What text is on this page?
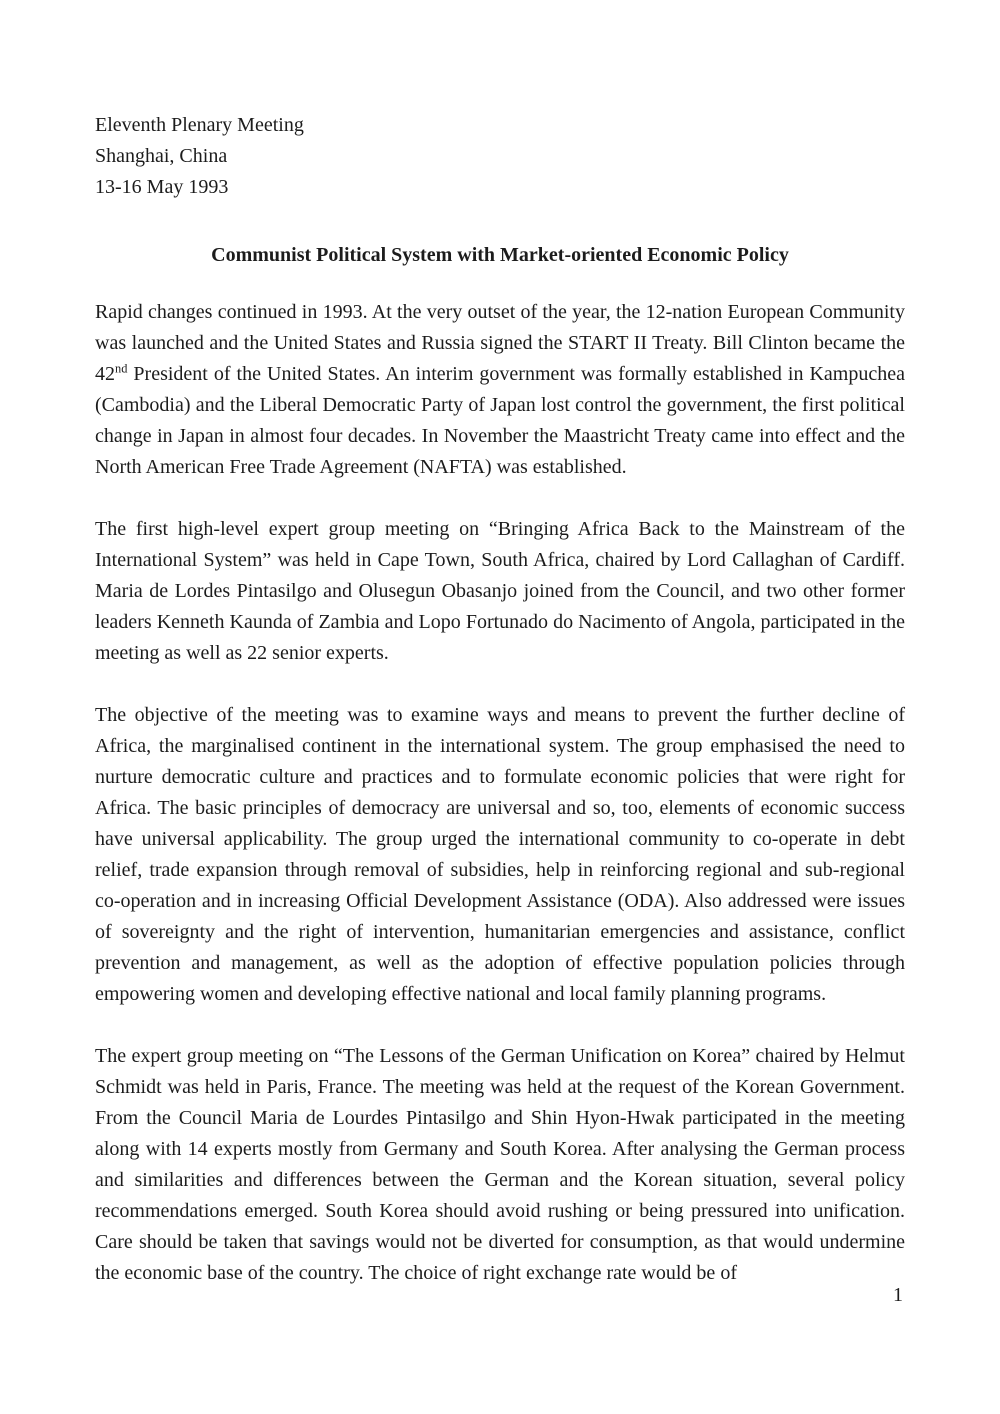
Eleventh Plenary Meeting
Shanghai, China
13-16 May 1993
Communist Political System with Market-oriented Economic Policy

Rapid changes continued in 1993. At the very outset of the year, the 12-nation European Community was launched and the United States and Russia signed the START II Treaty. Bill Clinton became the 42nd President of the United States. An interim government was formally established in Kampuchea (Cambodia) and the Liberal Democratic Party of Japan lost control the government, the first political change in Japan in almost four decades. In November the Maastricht Treaty came into effect and the North American Free Trade Agreement (NAFTA) was established.

The first high-level expert group meeting on “Bringing Africa Back to the Mainstream of the International System” was held in Cape Town, South Africa, chaired by Lord Callaghan of Cardiff. Maria de Lordes Pintasilgo and Olusegun Obasanjo joined from the Council, and two other former leaders Kenneth Kaunda of Zambia and Lopo Fortunado do Nacimento of Angola, participated in the meeting as well as 22 senior experts.

The objective of the meeting was to examine ways and means to prevent the further decline of Africa, the marginalised continent in the international system. The group emphasised the need to nurture democratic culture and practices and to formulate economic policies that were right for Africa. The basic principles of democracy are universal and so, too, elements of economic success have universal applicability. The group urged the international community to co-operate in debt relief, trade expansion through removal of subsidies, help in reinforcing regional and sub-regional co-operation and in increasing Official Development Assistance (ODA). Also addressed were issues of sovereignty and the right of intervention, humanitarian emergencies and assistance, conflict prevention and management, as well as the adoption of effective population policies through empowering women and developing effective national and local family planning programs.

The expert group meeting on “The Lessons of the German Unification on Korea” chaired by Helmut Schmidt was held in Paris, France. The meeting was held at the request of the Korean Government. From the Council Maria de Lourdes Pintasilgo and Shin Hyon-Hwak participated in the meeting along with 14 experts mostly from Germany and South Korea. After analysing the German process and similarities and differences between the German and the Korean situation, several policy recommendations emerged. South Korea should avoid rushing or being pressured into unification. Care should be taken that savings would not be diverted for consumption, as that would undermine the economic base of the country. The choice of right exchange rate would be of

1
